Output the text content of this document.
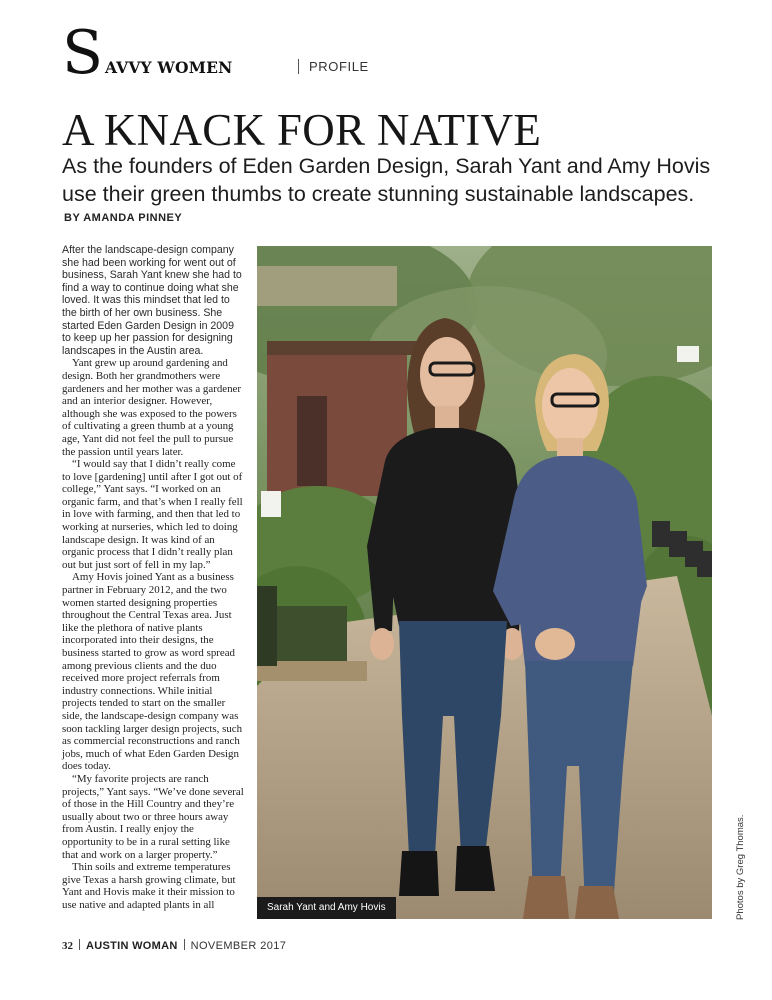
S AVVY WOMEN	PROFILE
A KNACK FOR NATIVE

As the founders of Eden Garden Design, Sarah Yant and Amy Hovis use their green thumbs to create stunning sustainable landscapes.

BY AMANDA PINNEY

After the landscape-design company she had been working for went out of business, Sarah Yant knew she had to find a way to continue doing what she loved. It was this mindset that led to the birth of her own business. She started Eden Garden Design in 2009 to keep up her passion for designing landscapes in the Austin area.

Yant grew up around gardening and design. Both her grandmothers were gardeners and her mother was a gardener and an interior designer. However, although she was exposed to the powers of cultivating a green thumb at a young age, Yant did not feel the pull to pursue the passion until years later.

“I would say that I didn’t really come to love [gardening] until after I got out of college,” Yant says. “I worked on an organic farm, and that’s when I really fell in love with farming, and then that led to working at nurseries, which led to doing landscape design. It was kind of an organic process that I didn’t really plan out but just sort of fell in my lap.”

Amy Hovis joined Yant as a business partner in February 2012, and the two women started designing properties throughout the Central Texas area. Just like the plethora of native plants incorporated into their designs, the business started to grow as word spread among previous clients and the duo received more project referrals from industry connections. While initial projects tended to start on the smaller side, the landscape-design company was soon tackling larger design projects, such as commercial reconstructions and ranch jobs, much of what Eden Garden Design does today.

“My favorite projects are ranch projects,” Yant says. “We’ve done several of those in the Hill Country and they’re usually about two or three hours away from Austin. I really enjoy the opportunity to be in a rural setting like that and work on a larger property.”

Thin soils and extreme temperatures give Texas a harsh growing climate, but Yant and Hovis make it their mission to use native and adapted plants in all	Sarah Yant and Amy Hovis	Photos by Greg Thomas.
32 AUSTIN WOMAN NOVEMBER 2017
